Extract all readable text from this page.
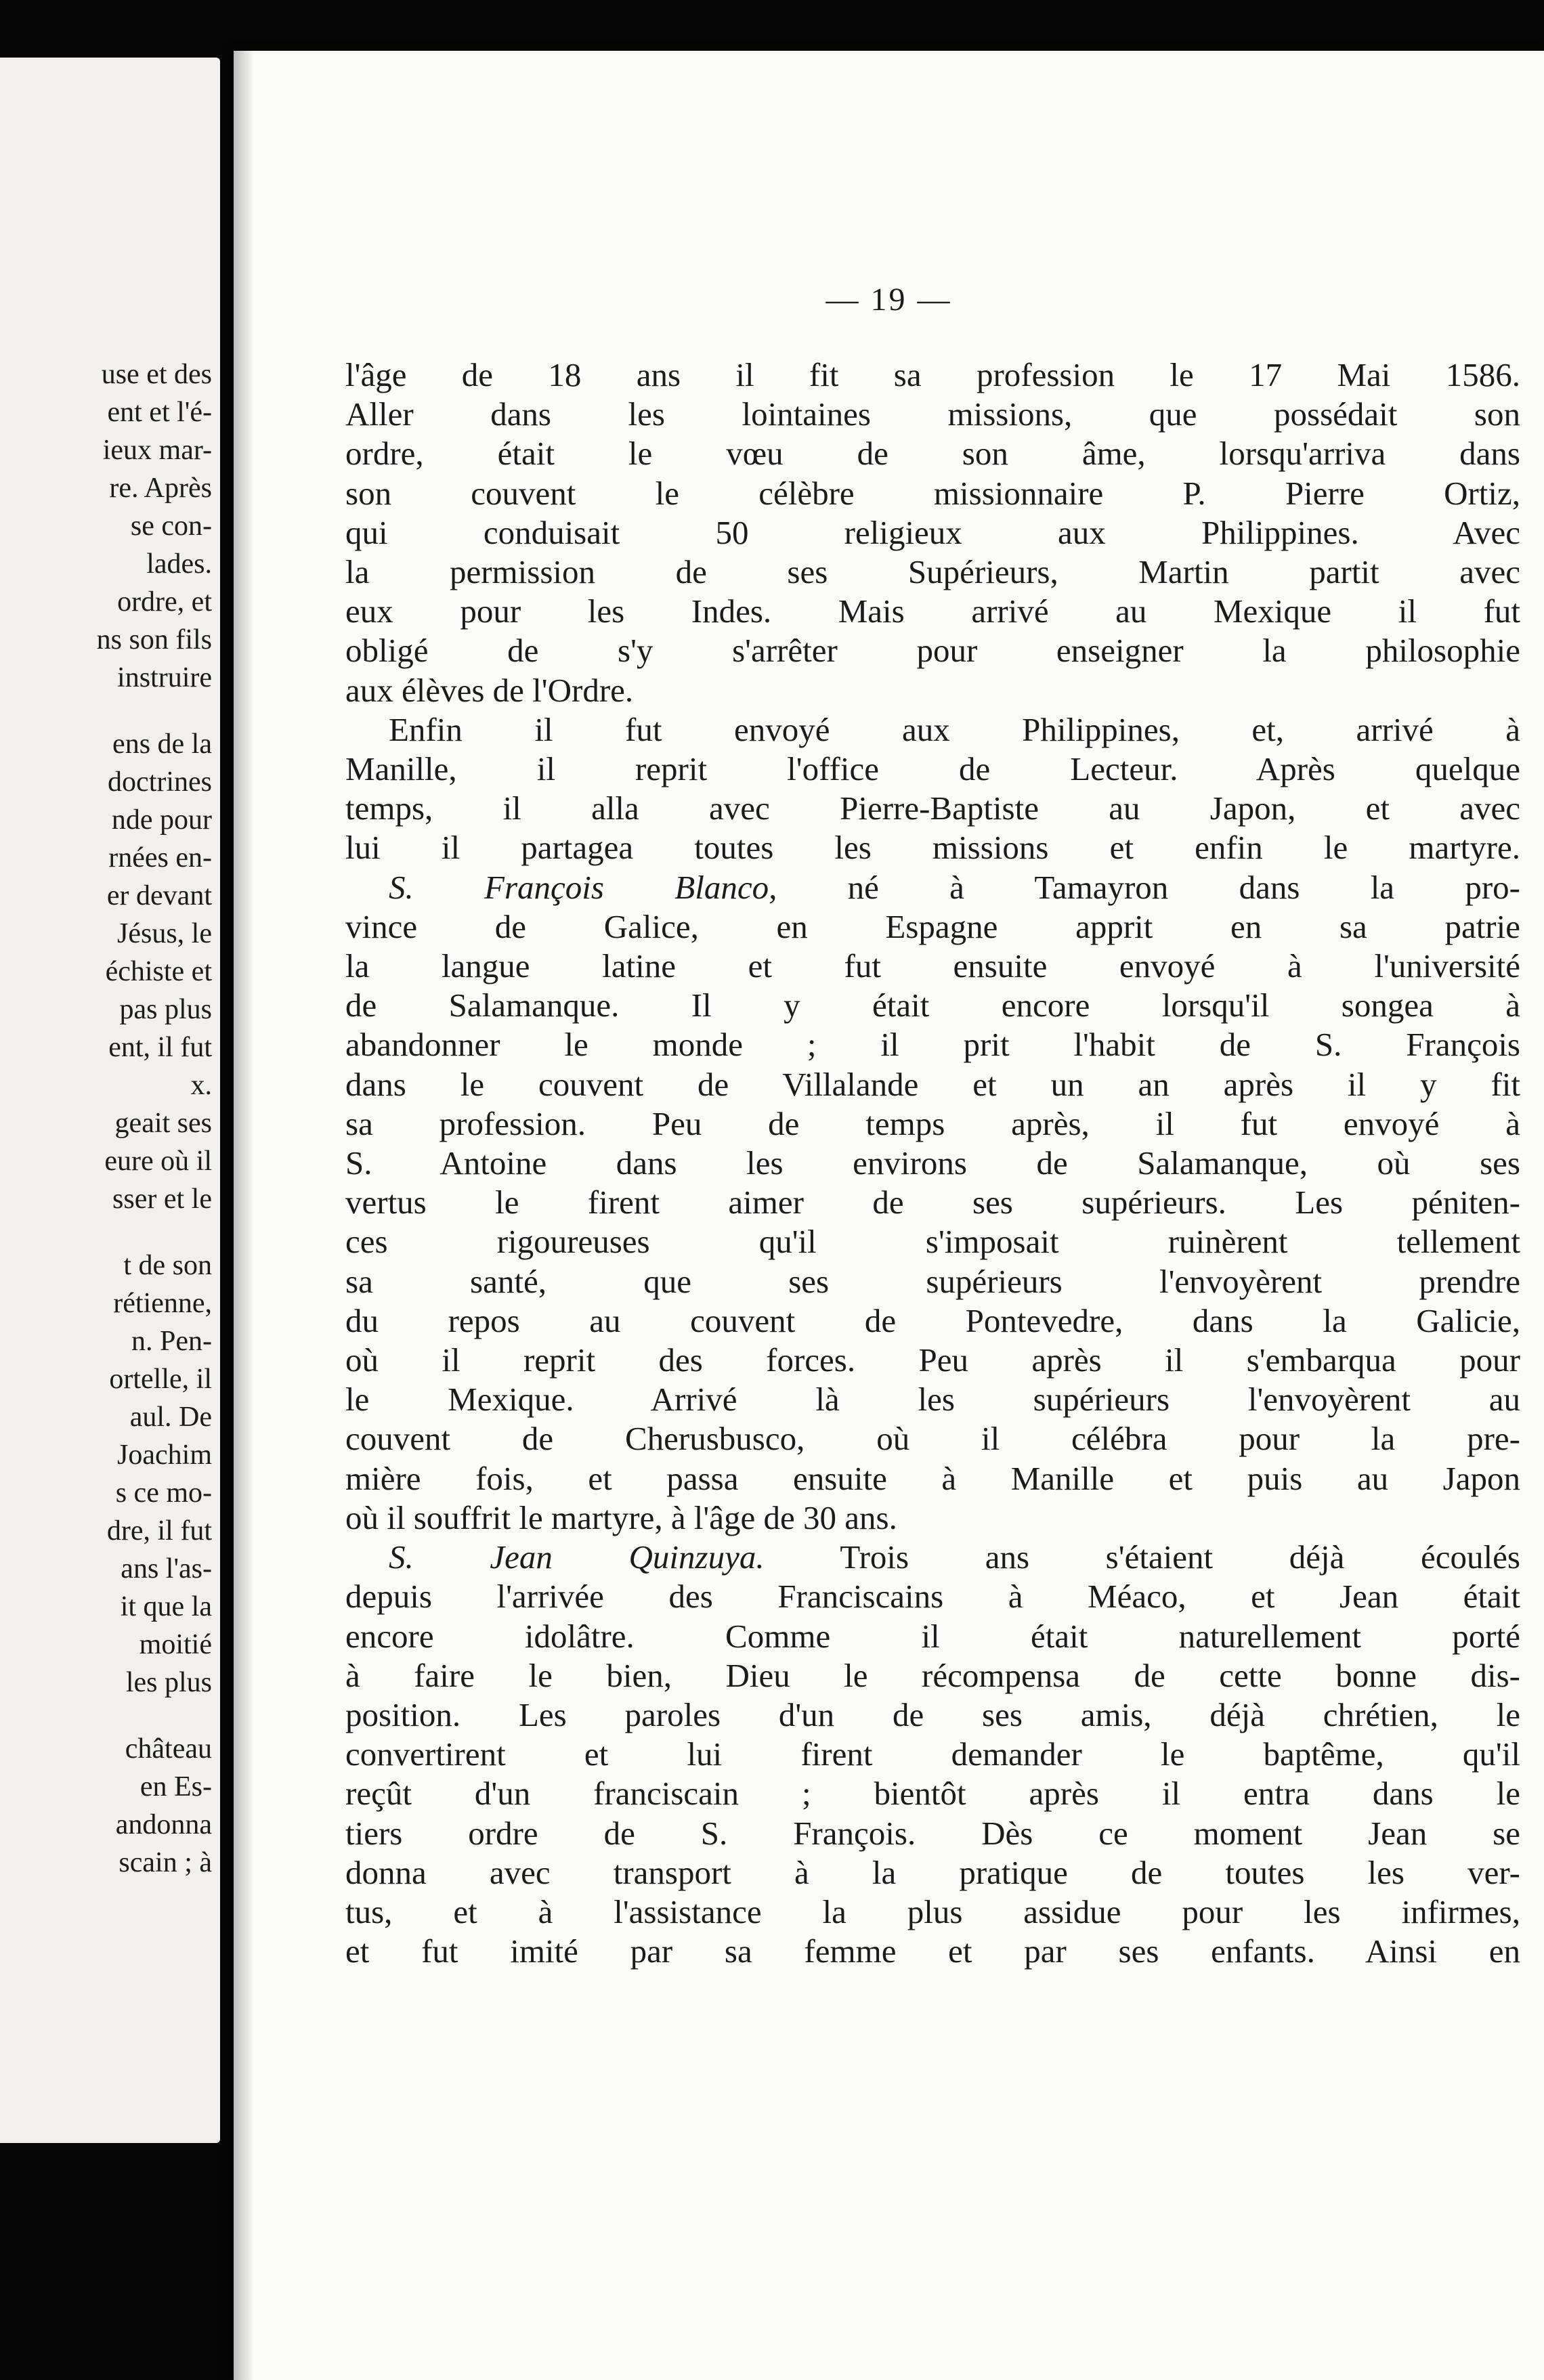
use et des
ent et l'é-
ieux mar-
re. Après
se con-
lades.
ordre, et
ns son fils
instruire
ens de la
doctrines
nde pour
rnées en-
er devant
Jésus, le
échiste et
pas plus
ent, il fut
x.
geait ses
eure où il
sser et le
t de son
rétienne,
n. Pen-
ortelle, il
aul. De
Joachim
s ce mo-
dre, il fut
ans l'as-
it que la
moitié
les plus
château
en Es-
andonna
scain ; à
— 19 —
l'âge de 18 ans il fit sa profession le 17 Mai 1586.
Aller dans les lointaines missions, que possédait son
ordre, était le vœu de son âme, lorsqu'arriva dans
son couvent le célèbre missionnaire P. Pierre Ortiz,
qui conduisait 50 religieux aux Philippines. Avec
la permission de ses Supérieurs, Martin partit avec
eux pour les Indes. Mais arrivé au Mexique il fut
obligé de s'y s'arrêter pour enseigner la philosophie
aux élèves de l'Ordre.
Enfin il fut envoyé aux Philippines, et, arrivé à
Manille, il reprit l'office de Lecteur. Après quelque
temps, il alla avec Pierre-Baptiste au Japon, et avec
lui il partagea toutes les missions et enfin le martyre.
S. François Blanco, né à Tamayron dans la pro-
vince de Galice, en Espagne apprit en sa patrie
la langue latine et fut ensuite envoyé à l'université
de Salamanque. Il y était encore lorsqu'il songea à
abandonner le monde ; il prit l'habit de S. François
dans le couvent de Villalande et un an après il y fit
sa profession. Peu de temps après, il fut envoyé à
S. Antoine dans les environs de Salamanque, où ses
vertus le firent aimer de ses supérieurs. Les péniten-
ces rigoureuses qu'il s'imposait ruinèrent tellement
sa santé, que ses supérieurs l'envoyèrent prendre
du repos au couvent de Pontevedre, dans la Galicie,
où il reprit des forces. Peu après il s'embarqua pour
le Mexique. Arrivé là les supérieurs l'envoyèrent au
couvent de Cherusbusco, où il célébra pour la pre-
mière fois, et passa ensuite à Manille et puis au Japon
où il souffrit le martyre, à l'âge de 30 ans.
S. Jean Quinzuya. Trois ans s'étaient déjà écoulés
depuis l'arrivée des Franciscains à Méaco, et Jean était
encore idolâtre. Comme il était naturellement porté
à faire le bien, Dieu le récompensa de cette bonne dis-
position. Les paroles d'un de ses amis, déjà chrétien, le
convertirent et lui firent demander le baptême, qu'il
reçût d'un franciscain ; bientôt après il entra dans le
tiers ordre de S. François. Dès ce moment Jean se
donna avec transport à la pratique de toutes les ver-
tus, et à l'assistance la plus assidue pour les infirmes,
et fut imité par sa femme et par ses enfants. Ainsi en
